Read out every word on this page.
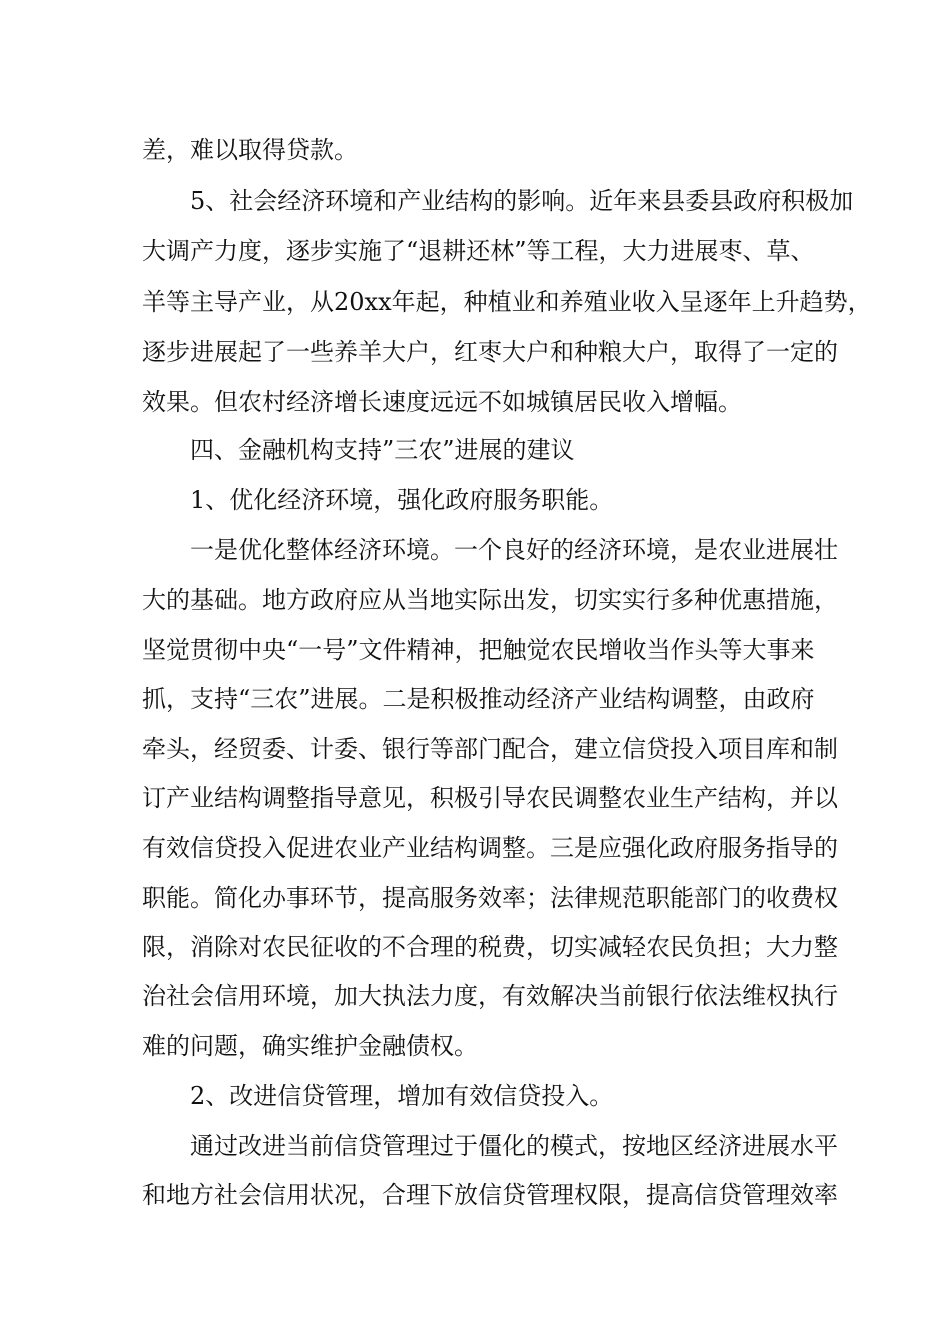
差，难以取得贷款。
5、社会经济环境和产业结构的影响。近年来县委县政府积极加
大调产力度，逐步实施了“退耕还林”等工程，大力进展枣、草、
羊等主导产业，从20xx年起，种植业和养殖业收入呈逐年上升趋势，
逐步进展起了一些养羊大户，红枣大户和种粮大户，取得了一定的
效果。但农村经济增长速度远远不如城镇居民收入增幅。
四、金融机构支持”三农”进展的建议
1、优化经济环境，强化政府服务职能。
一是优化整体经济环境。一个良好的经济环境，是农业进展壮
大的基础。地方政府应从当地实际出发，切实实行多种优惠措施，
坚觉贯彻中央“一号”文件精神，把触觉农民增收当作头等大事来
抓，支持“三农”进展。二是积极推动经济产业结构调整，由政府
牵头，经贸委、计委、银行等部门配合，建立信贷投入项目库和制
订产业结构调整指导意见，积极引导农民调整农业生产结构，并以
有效信贷投入促进农业产业结构调整。三是应强化政府服务指导的
职能。简化办事环节，提高服务效率；法律规范职能部门的收费权
限，消除对农民征收的不合理的税费，切实减轻农民负担；大力整
治社会信用环境，加大执法力度，有效解决当前银行依法维权执行
难的问题，确实维护金融债权。
2、改进信贷管理，增加有效信贷投入。
通过改进当前信贷管理过于僵化的模式，按地区经济进展水平
和地方社会信用状况，合理下放信贷管理权限，提高信贷管理效率
